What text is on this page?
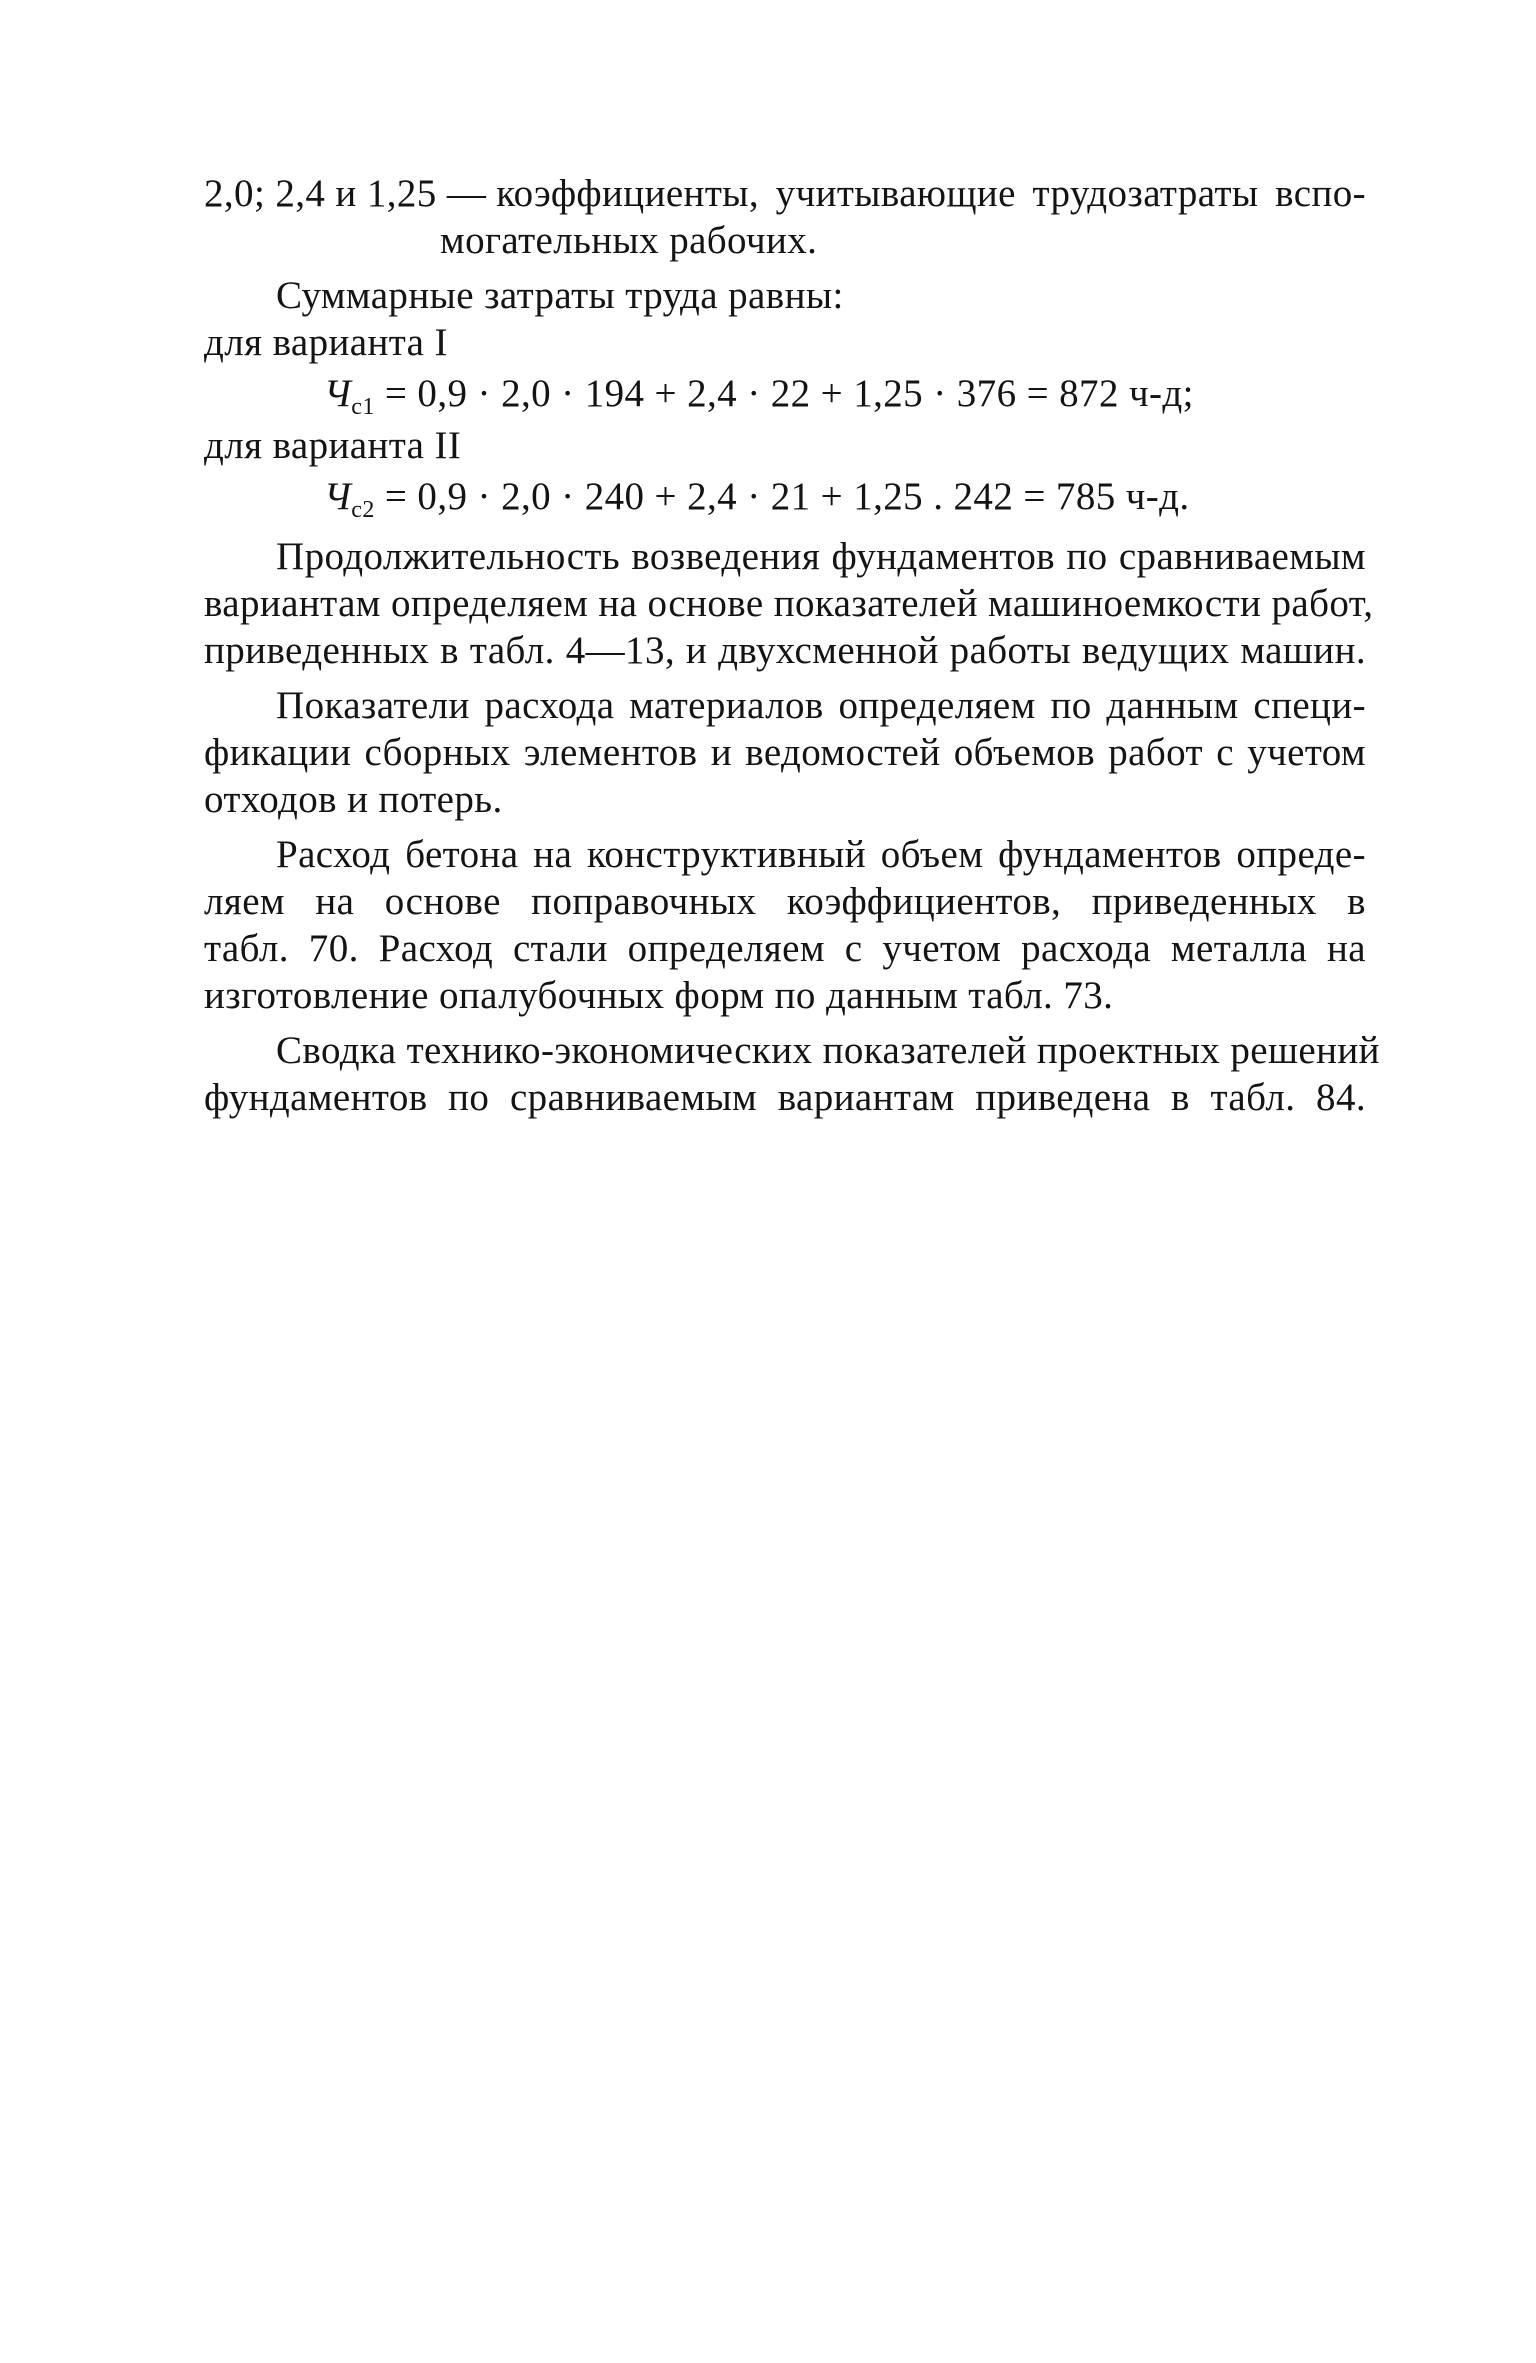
2,0; 2,4 и 1,25 — коэффициенты, учитывающие трудозатраты вспо-
могательных рабочих.
Суммарные затраты труда равны:
для варианта I
$Ч_{с1} = 0,9 \cdot 2,0 \cdot 194 + 2,4 \cdot 22 + 1,25 \cdot 376 = 872$ ч-д;
для варианта II
$Ч_{с2} = 0,9 \cdot 2,0 \cdot 240 + 2,4 \cdot 21 + 1,25$ . 242 = 785 ч-д.
Продолжительность возведения фундаментов по сравниваемым
вариантам определяем на основе показателей машиноемкости работ,
приведенных в табл. 4—13, и двухсменной работы ведущих машин.
Показатели расхода материалов определяем по данным специ-
фикации сборных элементов и ведомостей объемов работ с учетом
отходов и потерь.
Расход бетона на конструктивный объем фундаментов опреде-
ляем на основе поправочных коэффициентов, приведенных в
табл. 70. Расход стали определяем с учетом расхода металла на
изготовление опалубочных форм по данным табл. 73.
Сводка технико-экономических показателей проектных решений
фундаментов по сравниваемым вариантам приведена в табл. 84.
